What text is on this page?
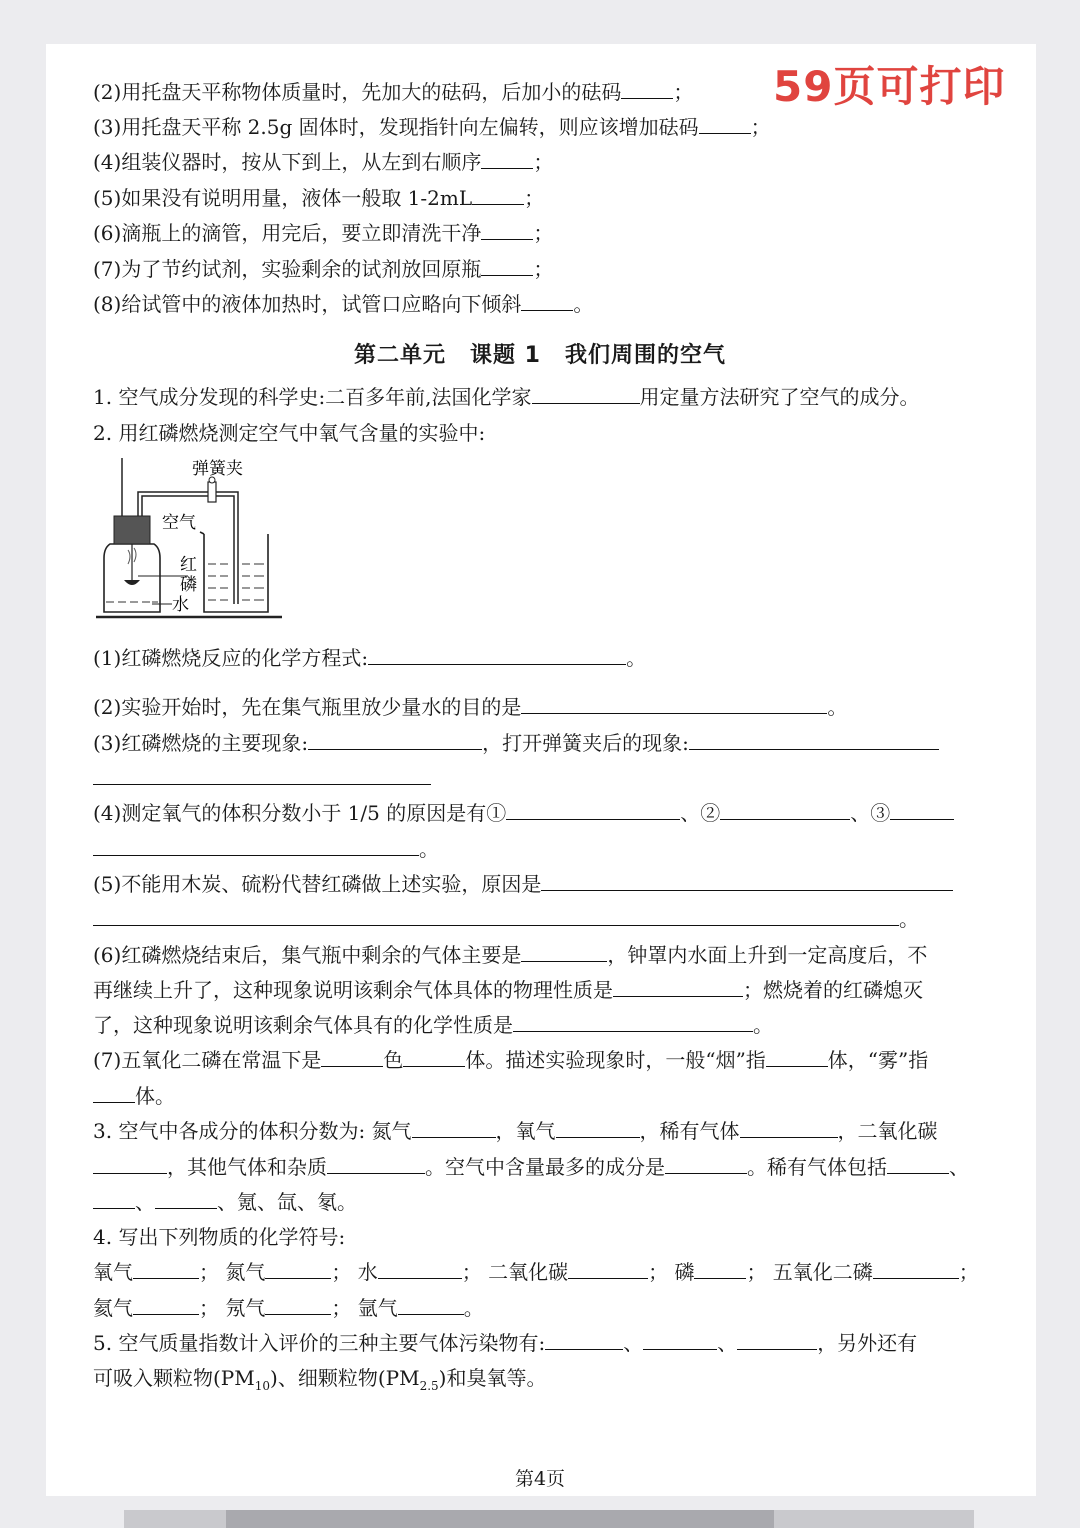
59页可打印
(2)用托盘天平称物体质量时，先加大的砝码，后加小的砝码	；
(3)用托盘天平称 2.5g 固体时，发现指针向左偏转，则应该增加砝码	；
(4)组装仪器时，按从下到上，从左到右顺序	；
(5)如果没有说明用量，液体一般取 1-2mL	；
(6)滴瓶上的滴管，用完后，要立即清洗干净	；
(7)为了节约试剂，实验剩余的试剂放回原瓶	；
(8)给试管中的液体加热时，试管口应略向下倾斜	。
第二单元 课题 1 我们周围的空气
1. 空气成分发现的科学史:二百多年前,法国化学家	用定量方法研究了空气的成分。
2. 用红磷燃烧测定空气中氧气含量的实验中:
弹簧夹
空气
红
磷
水
(1)红磷燃烧反应的化学方程式:	。
(2)实验开始时，先在集气瓶里放少量水的目的是	。
(3)红磷燃烧的主要现象:	，打开弹簧夹后的现象:
(4)测定氧气的体积分数小于 1/5 的原因是有①	、②	、③
。
(5)不能用木炭、硫粉代替红磷做上述实验，原因是
。
(6)红磷燃烧结束后，集气瓶中剩余的气体主要是	，钟罩内水面上升到一定高度后，不
再继续上升了，这种现象说明该剩余气体具体的物理性质是	；燃烧着的红磷熄灭
了，这种现象说明该剩余气体具有的化学性质是	。
(7)五氧化二磷在常温下是	色	体。描述实验现象时，一般“烟”指	体，“雾”指
体。
3. 空气中各成分的体积分数为: 氮气	，氧气	，稀有气体	，二氧化碳
，其他气体和杂质	。空气中含量最多的成分是	。稀有气体包括	、
、	、氪、氙、氡。
4. 写出下列物质的化学符号:
氧气	； 氮气	； 水	； 二氧化碳	； 磷	； 五氧化二磷	；
氦气	； 氖气	； 氩气	。
5. 空气质量指数计入评价的三种主要气体污染物有:	、	、	，另外还有
可吸入颗粒物$(PM_{10})$、细颗粒物$(PM_{2.5})$和臭氧等。
第4页
